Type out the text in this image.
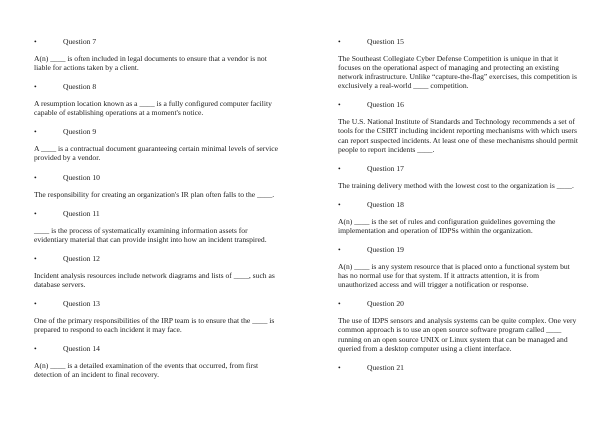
•	Question 7

A(n) ____ is often included in legal documents to ensure that a vendor is not liable for actions taken by a client.

•	Question 8

A resumption location known as a ____ is a fully configured computer facility capable of establishing operations at a moment's notice.

•	Question 9

A ____ is a contractual document guaranteeing certain minimal levels of service provided by a vendor.

•	Question 10

The responsibility for creating an organization's IR plan often falls to the ____.

•	Question 11

____ is the process of systematically examining information assets for evidentiary material that can provide insight into how an incident transpired.

•	Question 12

Incident analysis resources include network diagrams and lists of ____, such as database servers.

•	Question 13

One of the primary responsibilities of the IRP team is to ensure that the ____ is prepared to respond to each incident it may face.

•	Question 14

A(n) ____ is a detailed examination of the events that occurred, from first detection of an incident to final recovery.

•	Question 15

The Southeast Collegiate Cyber Defense Competition is unique in that it focuses on the operational aspect of managing and protecting an existing network infrastructure. Unlike “capture-the-flag” exercises, this competition is exclusively a real-world ____ competition.

•	Question 16

The U.S. National Institute of Standards and Technology recommends a set of tools for the CSIRT including incident reporting mechanisms with which users can report suspected incidents. At least one of these mechanisms should permit people to report incidents ____.

•	Question 17

The training delivery method with the lowest cost to the organization is ____.

•	Question 18

A(n) ____ is the set of rules and configuration guidelines governing the implementation and operation of IDPSs within the organization.

•	Question 19

A(n) ____ is any system resource that is placed onto a functional system but has no normal use for that system. If it attracts attention, it is from unauthorized access and will trigger a notification or response.

•	Question 20

The use of IDPS sensors and analysis systems can be quite complex. One very common approach is to use an open source software program called ____ running on an open source UNIX or Linux system that can be managed and queried from a desktop computer using a client interface.

•	Question 21
